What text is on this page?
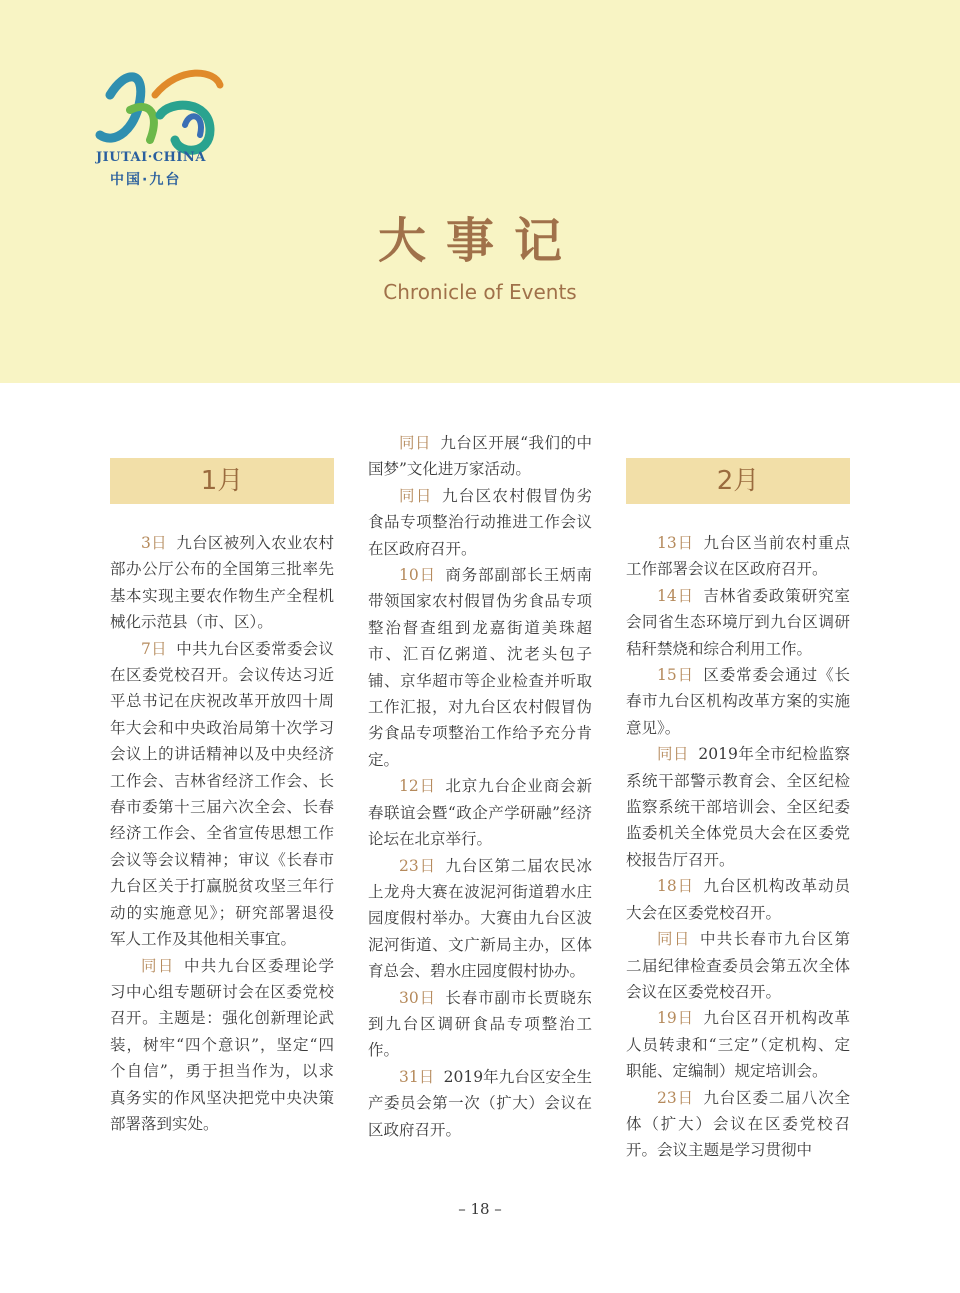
JIUTAI·CHINA
中国·九台
大事记
Chronicle of Events
1月

3日 九台区被列入农业农村部办公厅公布的全国第三批率先基本实现主要农作物生产全程机械化示范县（市、区）。

7日 中共九台区委常委会议在区委党校召开。会议传达习近平总书记在庆祝改革开放四十周年大会和中央政治局第十次学习会议上的讲话精神以及中央经济工作会、吉林省经济工作会、长春市委第十三届六次全会、长春经济工作会、全省宣传思想工作会议等会议精神；审议《长春市九台区关于打赢脱贫攻坚三年行动的实施意见》；研究部署退役军人工作及其他相关事宜。

同日 中共九台区委理论学习中心组专题研讨会在区委党校召开。主题是：强化创新理论武装，树牢“四个意识”，坚定“四个自信”，勇于担当作为，以求真务实的作风坚决把党中央决策部署落到实处。

同日 九台区开展“我们的中国梦”文化进万家活动。

同日 九台区农村假冒伪劣食品专项整治行动推进工作会议在区政府召开。

10日 商务部副部长王炳南带领国家农村假冒伪劣食品专项整治督查组到龙嘉街道美珠超市、汇百亿粥道、沈老头包子铺、京华超市等企业检查并听取工作汇报，对九台区农村假冒伪劣食品专项整治工作给予充分肯定。

12日 北京九台企业商会新春联谊会暨“政企产学研融”经济论坛在北京举行。

23日 九台区第二届农民冰上龙舟大赛在波泥河街道碧水庄园度假村举办。大赛由九台区波泥河街道、文广新局主办，区体育总会、碧水庄园度假村协办。

30日 长春市副市长贾晓东到九台区调研食品专项整治工作。

31日 2019年九台区安全生产委员会第一次（扩大）会议在区政府召开。

2月

13日 九台区当前农村重点工作部署会议在区政府召开。

14日 吉林省委政策研究室会同省生态环境厅到九台区调研秸秆禁烧和综合利用工作。

15日 区委常委会通过《长春市九台区机构改革方案的实施意见》。

同日 2019年全市纪检监察系统干部警示教育会、全区纪检监察系统干部培训会、全区纪委监委机关全体党员大会在区委党校报告厅召开。

18日 九台区机构改革动员大会在区委党校召开。

同日 中共长春市九台区第二届纪律检查委员会第五次全体会议在区委党校召开。

19日 九台区召开机构改革人员转隶和“三定”（定机构、定职能、定编制）规定培训会。

23日 九台区委二届八次全体（扩大）会议在区委党校召开。会议主题是学习贯彻中

– 18 –
